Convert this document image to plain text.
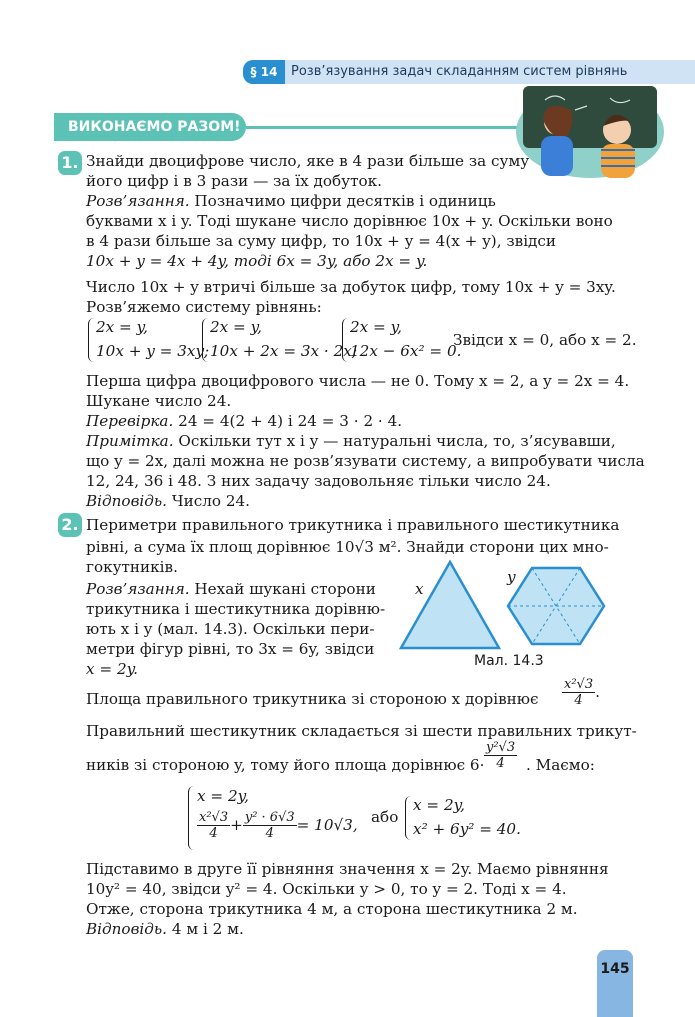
§ 14	Розв’язування задач складанням систем рівнянь
ВИКОНАЄМО РАЗОМ!
1. Знайди двоцифрове число, яке в 4 рази більше за суму
його цифр і в 3 рази — за їх добуток.
Розв’язання. Позначимо цифри десятків і одиниць
буквами x і y. Тоді шукане число дорівнює 10x + y. Оскільки воно
в 4 рази більше за суму цифр, то 10x + y = 4(x + y), звідси
10x + y = 4x + 4y, тоді 6x = 3y, або 2x = y.
Число 10x + y втричі більше за добуток цифр, тому 10x + y = 3xy.
Розв’яжемо систему рівнянь:
2x = y,
10x + y = 3xy;
2x = y,
10x + 2x = 3x · 2x;
2x = y,
12x − 6x² = 0.
Звідси x = 0, або x = 2.
Перша цифра двоцифрового числа — не 0. Тому x = 2, а y = 2x = 4.
Шукане число 24.
Перевірка. 24 = 4(2 + 4) і 24 = 3 · 2 · 4.
Примітка. Оскільки тут x і y — натуральні числа, то, з’ясувавши,
що y = 2x, далі можна не розв’язувати систему, а випробувати числа
12, 24, 36 і 48. З них задачу задовольняє тільки число 24.
Відповідь. Число 24.
2. Периметри правильного трикутника і правильного шестикутника
рівні, а сума їх площ дорівнює 10√3 м². Знайди сторони цих мно-
гокутників.
Розв’язання. Нехай шукані сторони
трикутника і шестикутника дорівню-
ють x і y (мал. 14.3). Оскільки пери-
метри фігур рівні, то 3x = 6y, звідси
x = 2y.
x
y
Мал. 14.3
Площа правильного трикутника зі стороною x дорівнює $\frac{\text{x²√3}}{4}$ .
Правильний шестикутник складається зі шести правильних трикут-
ників зі стороною y, тому його площа дорівнює $6\cdot \frac{\text{y²√3}}{4}$ . Маємо:
x = 2y,
$\frac{\text{x²√3}}{4} + \frac{\text{y² · 6√3}}{4} = 10√3$, або
x = 2y,
x² + 6y² = 40.
Підставимо в друге її рівняння значення x = 2y. Маємо рівняння
10y² = 40, звідси y² = 4. Оскільки y > 0, то y = 2. Тоді x = 4.
Отже, сторона трикутника 4 м, а сторона шестикутника 2 м.
Відповідь. 4 м і 2 м.
145
